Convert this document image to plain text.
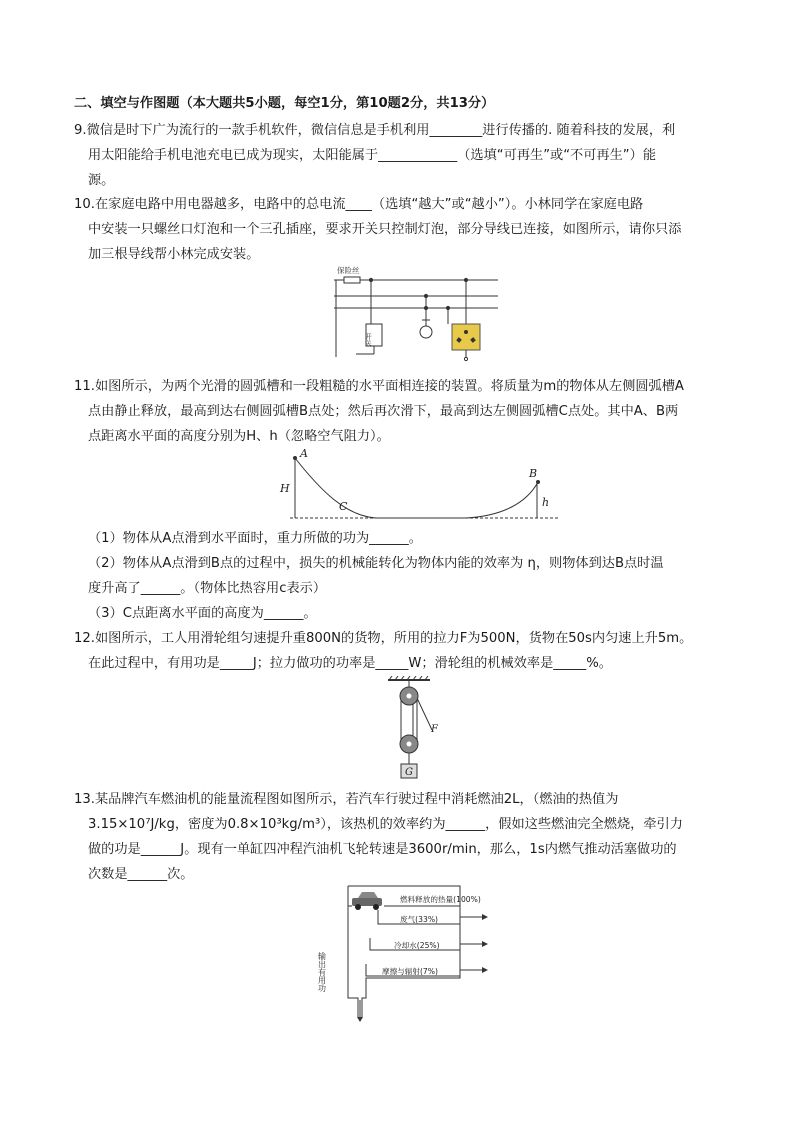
二、填空与作图题（本大题共5小题，每空1分，第10题2分，共13分）
9.微信是时下广为流行的一款手机软件，微信信息是手机利用________进行传播的. 随着科技的发展，利
用太阳能给手机电池充电已成为现实，太阳能属于____________（选填“可再生”或“不可再生”）能
源。
10.在家庭电路中用电器越多，电路中的总电流____（选填“越大”或“越小”）。小林同学在家庭电路
中安装一只螺丝口灯泡和一个三孔插座，要求开关只控制灯泡，部分导线已连接，如图所示，请你只添
加三根导线帮小林完成安装。
保险丝
开关
11.如图所示，为两个光滑的圆弧槽和一段粗糙的水平面相连接的装置。将质量为m的物体从左侧圆弧槽A
点由静止释放，最高到达右侧圆弧槽B点处；然后再次滑下，最高到达左侧圆弧槽C点处。其中A、B两
点距离水平面的高度分别为H、h（忽略空气阻力）。
A
B
C
H
h
（1）物体从A点滑到水平面时，重力所做的功为______。
（2）物体从A点滑到B点的过程中，损失的机械能转化为物体内能的效率为 η，则物体到达B点时温
度升高了______。（物体比热容用c表示）
（3）C点距离水平面的高度为______。
12.如图所示，工人用滑轮组匀速提升重800N的货物，所用的拉力F为500N，货物在50s内匀速上升5m。
在此过程中，有用功是_____J；拉力做功的功率是_____W；滑轮组的机械效率是_____%。
F
G
13.某品牌汽车燃油机的能量流程图如图所示，若汽车行驶过程中消耗燃油2L，（燃油的热值为
3.15×10⁷J/kg，密度为0.8×10³kg/m³），该热机的效率约为______，假如这些燃油完全燃烧，牵引力
做的功是______J。现有一单缸四冲程汽油机飞轮转速是3600r/min，那么，1s内燃气推动活塞做功的
次数是______次。
燃料释放的热量(100%)
废气(33%)
冷却水(25%)
摩擦与辐射(7%)
输出有用功
